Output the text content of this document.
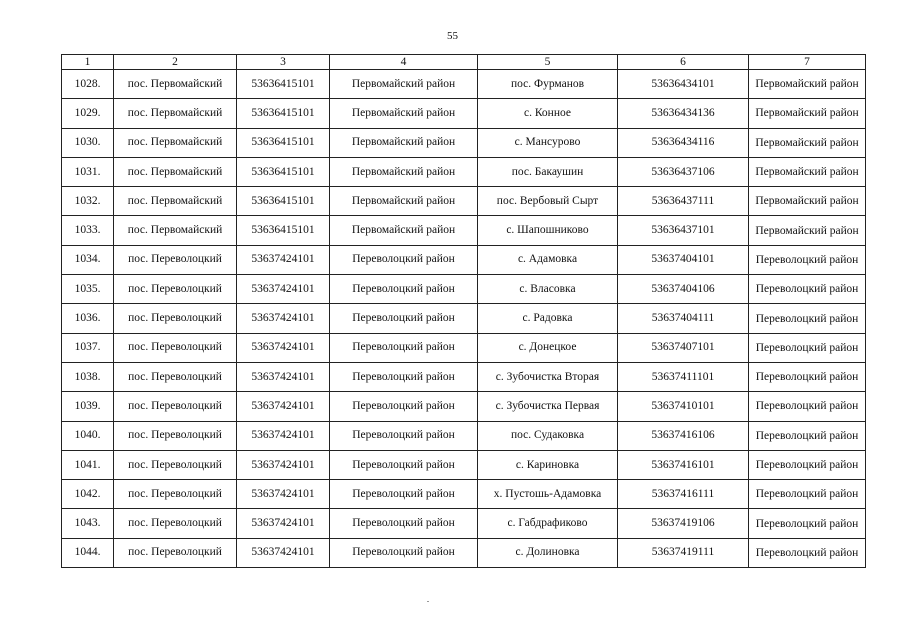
55
1	2	3	4	5	6	7
1028.	пос. Первомайский	53636415101	Первомайский район	пос. Фурманов	53636434101	Первомайский район
1029.	пос. Первомайский	53636415101	Первомайский район	с. Конное	53636434136	Первомайский район
1030.	пос. Первомайский	53636415101	Первомайский район	с. Мансурово	53636434116	Первомайский район
1031.	пос. Первомайский	53636415101	Первомайский район	пос. Бакаушин	53636437106	Первомайский район
1032.	пос. Первомайский	53636415101	Первомайский район	пос. Вербовый Сырт	53636437111	Первомайский район
1033.	пос. Первомайский	53636415101	Первомайский район	с. Шапошниково	53636437101	Первомайский район
1034.	пос. Переволоцкий	53637424101	Переволоцкий район	с. Адамовка	53637404101	Переволоцкий район
1035.	пос. Переволоцкий	53637424101	Переволоцкий район	с. Власовка	53637404106	Переволоцкий район
1036.	пос. Переволоцкий	53637424101	Переволоцкий район	с. Радовка	53637404111	Переволоцкий район
1037.	пос. Переволоцкий	53637424101	Переволоцкий район	с. Донецкое	53637407101	Переволоцкий район
1038.	пос. Переволоцкий	53637424101	Переволоцкий район	с. Зубочистка Вторая	53637411101	Переволоцкий район
1039.	пос. Переволоцкий	53637424101	Переволоцкий район	с. Зубочистка Первая	53637410101	Переволоцкий район
1040.	пос. Переволоцкий	53637424101	Переволоцкий район	пос. Судаковка	53637416106	Переволоцкий район
1041.	пос. Переволоцкий	53637424101	Переволоцкий район	с. Кариновка	53637416101	Переволоцкий район
1042.	пос. Переволоцкий	53637424101	Переволоцкий район	х. Пустошь-Адамовка	53637416111	Переволоцкий район
1043.	пос. Переволоцкий	53637424101	Переволоцкий район	с. Габдрафиково	53637419106	Переволоцкий район
1044.	пос. Переволоцкий	53637424101	Переволоцкий район	с. Долиновка	53637419111	Переволоцкий район
